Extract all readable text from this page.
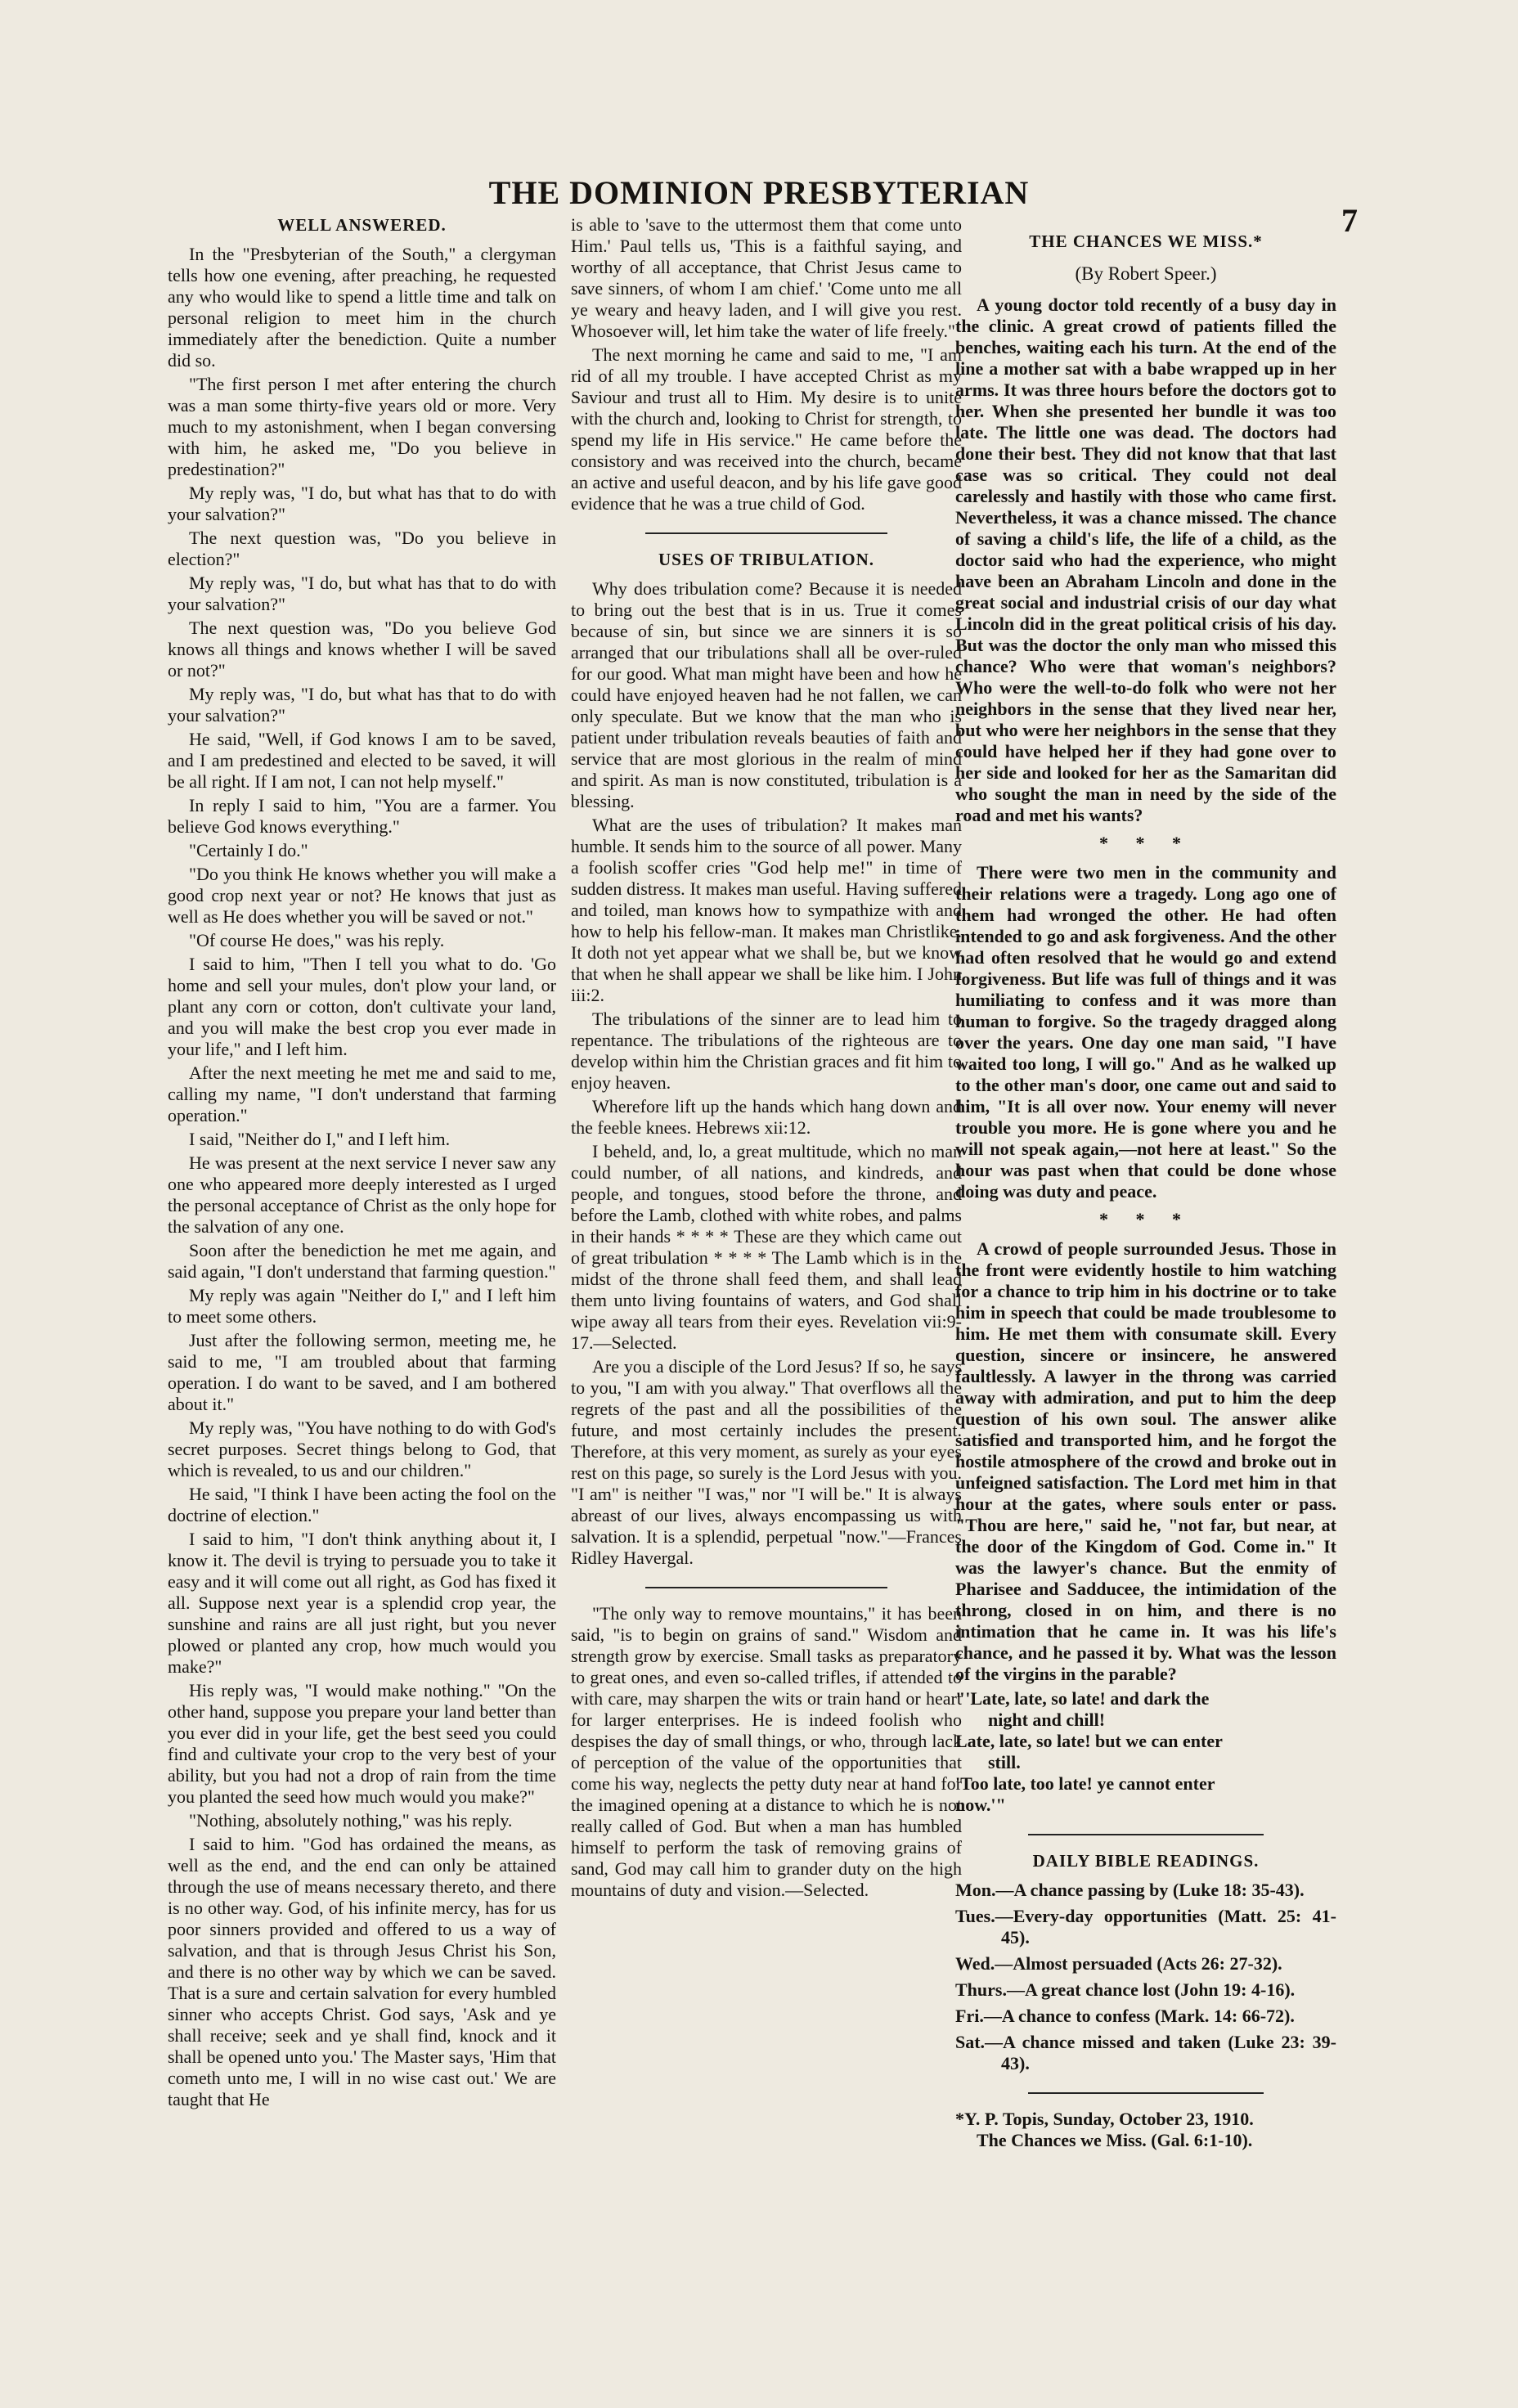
THE DOMINION PRESBYTERIAN
7
WELL ANSWERED.

In the "Presbyterian of the South," a clergyman tells how one evening, after preaching, he requested any who would like to spend a little time and talk on personal religion to meet him in the church immediately after the benediction. Quite a number did so.

"The first person I met after entering the church was a man some thirty-five years old or more. Very much to my astonishment, when I began conversing with him, he asked me, "Do you believe in predestination?"

My reply was, "I do, but what has that to do with your salvation?"

The next question was, "Do you believe in election?"

My reply was, "I do, but what has that to do with your salvation?"

The next question was, "Do you believe God knows all things and knows whether I will be saved or not?"

My reply was, "I do, but what has that to do with your salvation?"

He said, "Well, if God knows I am to be saved, and I am predestined and elected to be saved, it will be all right. If I am not, I can not help myself."

In reply I said to him, "You are a farmer. You believe God knows everything."

"Certainly I do."

"Do you think He knows whether you will make a good crop next year or not? He knows that just as well as He does whether you will be saved or not."

"Of course He does," was his reply.

I said to him, "Then I tell you what to do. 'Go home and sell your mules, don't plow your land, or plant any corn or cotton, don't cultivate your land, and you will make the best crop you ever made in your life," and I left him.

After the next meeting he met me and said to me, calling my name, "I don't understand that farming operation."

I said, "Neither do I," and I left him.

He was present at the next service I never saw any one who appeared more deeply interested as I urged the personal acceptance of Christ as the only hope for the salvation of any one.

Soon after the benediction he met me again, and said again, "I don't understand that farming question."

My reply was again "Neither do I," and I left him to meet some others.

Just after the following sermon, meeting me, he said to me, "I am troubled about that farming operation. I do want to be saved, and I am bothered about it."

My reply was, "You have nothing to do with God's secret purposes. Secret things belong to God, that which is revealed, to us and our children."

He said, "I think I have been acting the fool on the doctrine of election."

I said to him, "I don't think anything about it, I know it. The devil is trying to persuade you to take it easy and it will come out all right, as God has fixed it all. Suppose next year is a splendid crop year, the sunshine and rains are all just right, but you never plowed or planted any crop, how much would you make?"

His reply was, "I would make nothing." "On the other hand, suppose you prepare your land better than you ever did in your life, get the best seed you could find and cultivate your crop to the very best of your ability, but you had not a drop of rain from the time you planted the seed how much would you make?"

"Nothing, absolutely nothing," was his reply.

I said to him. "God has ordained the means, as well as the end, and the end can only be attained through the use of means necessary thereto, and there is no other way. God, of his infinite mercy, has for us poor sinners provided and offered to us a way of salvation, and that is through Jesus Christ his Son, and there is no other way by which we can be saved. That is a sure and certain salvation for every humbled sinner who accepts Christ. God says, 'Ask and ye shall receive; seek and ye shall find, knock and it shall be opened unto you.' The Master says, 'Him that cometh unto me, I will in no wise cast out.' We are taught that He

is able to 'save to the uttermost them that come unto Him.' Paul tells us, 'This is a faithful saying, and worthy of all acceptance, that Christ Jesus came to save sinners, of whom I am chief.' 'Come unto me all ye weary and heavy laden, and I will give you rest. Whosoever will, let him take the water of life freely."

The next morning he came and said to me, "I am rid of all my trouble. I have accepted Christ as my Saviour and trust all to Him. My desire is to unite with the church and, looking to Christ for strength, to spend my life in His service." He came before the consistory and was received into the church, became an active and useful deacon, and by his life gave good evidence that he was a true child of God.

USES OF TRIBULATION.

Why does tribulation come? Because it is needed to bring out the best that is in us. True it comes because of sin, but since we are sinners it is so arranged that our tribulations shall all be over-ruled for our good. What man might have been and how he could have enjoyed heaven had he not fallen, we can only speculate. But we know that the man who is patient under tribulation reveals beauties of faith and service that are most glorious in the realm of mind and spirit. As man is now constituted, tribulation is a blessing.

What are the uses of tribulation? It makes man humble. It sends him to the source of all power. Many a foolish scoffer cries "God help me!" in time of sudden distress. It makes man useful. Having suffered and toiled, man knows how to sympathize with and how to help his fellow-man. It makes man Christlike. It doth not yet appear what we shall be, but we know that when he shall appear we shall be like him. I John iii:2.

The tribulations of the sinner are to lead him to repentance. The tribulations of the righteous are to develop within him the Christian graces and fit him to enjoy heaven.

Wherefore lift up the hands which hang down and the feeble knees. Hebrews xii:12.

I beheld, and, lo, a great multitude, which no man could number, of all nations, and kindreds, and people, and tongues, stood before the throne, and before the Lamb, clothed with white robes, and palms in their hands * * * * These are they which came out of great tribulation * * * * The Lamb which is in the midst of the throne shall feed them, and shall lead them unto living fountains of waters, and God shall wipe away all tears from their eyes. Revelation vii:9-17.—Selected.

Are you a disciple of the Lord Jesus? If so, he says to you, "I am with you alway." That overflows all the regrets of the past and all the possibilities of the future, and most certainly includes the present. Therefore, at this very moment, as surely as your eyes rest on this page, so surely is the Lord Jesus with you. "I am" is neither "I was," nor "I will be." It is always abreast of our lives, always encompassing us with salvation. It is a splendid, perpetual "now."—Frances Ridley Havergal.

"The only way to remove mountains," it has been said, "is to begin on grains of sand." Wisdom and strength grow by exercise. Small tasks as preparatory to great ones, and even so-called trifles, if attended to with care, may sharpen the wits or train hand or heart for larger enterprises. He is indeed foolish who despises the day of small things, or who, through lack of perception of the value of the opportunities that come his way, neglects the petty duty near at hand for the imagined opening at a distance to which he is not really called of God. But when a man has humbled himself to perform the task of removing grains of sand, God may call him to grander duty on the high mountains of duty and vision.—Selected.

THE CHANCES WE MISS.*
(By Robert Speer.)

A young doctor told recently of a busy day in the clinic. A great crowd of patients filled the benches, waiting each his turn. At the end of the line a mother sat with a babe wrapped up in her arms. It was three hours before the doctors got to her. When she presented her bundle it was too late. The little one was dead. The doctors had done their best. They did not know that that last case was so critical. They could not deal carelessly and hastily with those who came first. Nevertheless, it was a chance missed. The chance of saving a child's life, the life of a child, as the doctor said who had the experience, who might have been an Abraham Lincoln and done in the great social and industrial crisis of our day what Lincoln did in the great political crisis of his day. But was the doctor the only man who missed this chance? Who were that woman's neighbors? Who were the well-to-do folk who were not her neighbors in the sense that they lived near her, but who were her neighbors in the sense that they could have helped her if they had gone over to her side and looked for her as the Samaritan did who sought the man in need by the side of the road and met his wants?

* * *

There were two men in the community and their relations were a tragedy. Long ago one of them had wronged the other. He had often intended to go and ask forgiveness. And the other had often resolved that he would go and extend forgiveness. But life was full of things and it was humiliating to confess and it was more than human to forgive. So the tragedy dragged along over the years. One day one man said, "I have waited too long, I will go." And as he walked up to the other man's door, one came out and said to him, "It is all over now. Your enemy will never trouble you more. He is gone where you and he will not speak again,—not here at least." So the hour was past when that could be done whose doing was duty and peace.

* * *

A crowd of people surrounded Jesus. Those in the front were evidently hostile to him watching for a chance to trip him in his doctrine or to take him in speech that could be made troublesome to him. He met them with consumate skill. Every question, sincere or insincere, he answered faultlessly. A lawyer in the throng was carried away with admiration, and put to him the deep question of his own soul. The answer alike satisfied and transported him, and he forgot the hostile atmosphere of the crowd and broke out in unfeigned satisfaction. The Lord met him in that hour at the gates, where souls enter or pass. "Thou are here," said he, "not far, but near, at the door of the Kingdom of God. Come in." It was the lawyer's chance. But the enmity of Pharisee and Sadducee, the intimidation of the throng, closed in on him, and there is no intimation that he came in. It was his life's chance, and he passed it by. What was the lesson of the virgins in the parable?

"'Late, late, so late! and dark the
night and chill!
Late, late, so late! but we can enter
still.
'Too late, too late! ye cannot enter
now.'"
DAILY BIBLE READINGS.
Mon.—A chance passing by (Luke 18: 35-43).
Tues.—Every-day opportunities (Matt. 25: 41-45).
Wed.—Almost persuaded (Acts 26: 27-32).
Thurs.—A great chance lost (John 19: 4-16).
Fri.—A chance to confess (Mark. 14: 66-72).
Sat.—A chance missed and taken (Luke 23: 39-43).
*Y. P. Topis, Sunday, October 23, 1910.
The Chances we Miss. (Gal. 6:1-10).
